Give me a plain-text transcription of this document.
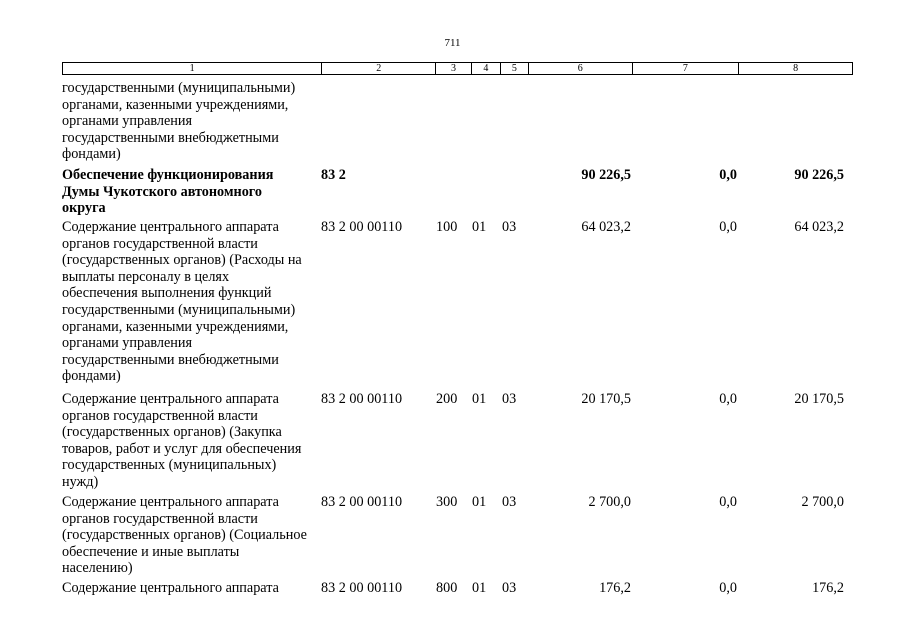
711
1	2	3	4	5	6	7	8
государственными (муниципальными)
органами, казенными учреждениями,
органами управления
государственными внебюджетными
фондами)
Обеспечение функционирования
Думы Чукотского автономного
округа
83 2	90 226,5	0,0	90 226,5
Содержание центрального аппарата
органов государственной власти
(государственных органов) (Расходы на
выплаты персоналу в целях
обеспечения выполнения функций
государственными (муниципальными)
органами, казенными учреждениями,
органами управления
государственными внебюджетными
фондами)
83 2 00 00110 100 01 03	64 023,2	0,0	64 023,2
Содержание центрального аппарата
органов государственной власти
(государственных органов) (Закупка
товаров, работ и услуг для обеспечения
государственных (муниципальных)
нужд)
83 2 00 00110 200 01 03	20 170,5	0,0	20 170,5
Содержание центрального аппарата
органов государственной власти
(государственных органов) (Социальное
обеспечение и иные выплаты
населению)
83 2 00 00110 300 01 03	2 700,0	0,0	2 700,0
Содержание центрального аппарата	83 2 00 00110 800 01 03	176,2	0,0	176,2
